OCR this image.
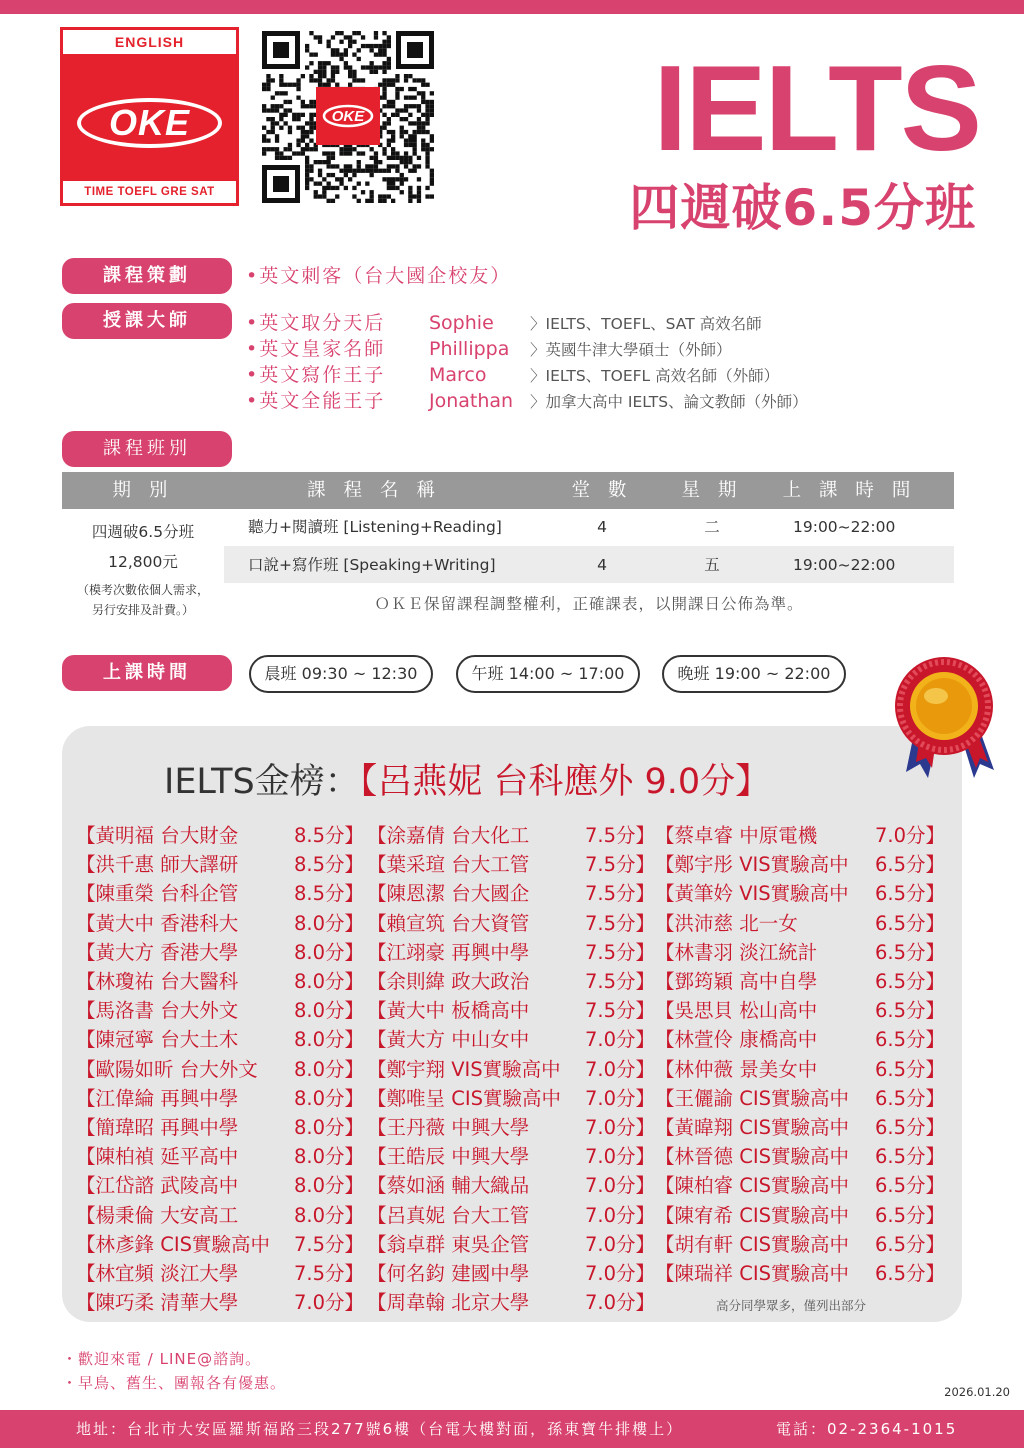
ENGLISH
OKE
TIME TOEFL GRE SAT
OKE	IELTS
四週破6.5分班
課程策劃	•英文刺客（台大國企校友）
授課大師	•英文取分天后 Sophie 〉IELTS、TOEFL、SAT 高效名師
•英文皇家名師 Phillippa 〉英國牛津大學碩士（外師）
•英文寫作王子 Marco	〉IELTS、TOEFL 高效名師（外師）
•英文全能王子 Jonathan 〉加拿大高中 IELTS、論文教師（外師）
課程班別
期 別	課 程 名 稱	堂 數	星 期	上 課 時 間
四週破6.5分班
12,800元
（模考次數依個人需求，
另行安排及計費。）
聽力+閱讀班 [Listening+Reading]	4	二	19:00~22:00
口說+寫作班 [Speaking+Writing]	4	五	19:00~22:00
ＯＫＥ保留課程調整權利，正確課表，以開課日公佈為準。
上課時間	晨班 09:30 ~ 12:30	午班 14:00 ~ 17:00	晚班 19:00 ~ 22:00
IELTS金榜：【呂燕妮 台科應外 9.0分】
【黃明福 台大財金	8.5分】
【洪千惠 師大譯研	8.5分】
【陳重榮 台科企管	8.5分】
【黃大中 香港科大	8.0分】
【黃大方 香港大學	8.0分】
【林瓊祐 台大醫科	8.0分】
【馬洛書 台大外文	8.0分】
【陳冠寧 台大土木	8.0分】
【歐陽如昕 台大外文 8.0分】
【江偉綸 再興中學	8.0分】
【簡瑋昭 再興中學	8.0分】
【陳柏禎 延平高中	8.0分】
【江岱諮 武陵高中	8.0分】
【楊秉倫 大安高工	8.0分】
【林彥鋒 CIS實驗高中 7.5分】
【林宜頻 淡江大學	7.5分】
【陳巧柔 清華大學	7.0分】
【涂嘉倩 台大化工	7.5分】
【葉采瑄 台大工管	7.5分】
【陳恩潔 台大國企	7.5分】
【賴宣筑 台大資管	7.5分】
【江翊豪 再興中學	7.5分】
【余則緯 政大政治	7.5分】
【黃大中 板橋高中	7.5分】
【黃大方 中山女中	7.0分】
【鄭宇翔 VIS實驗高中 7.0分】
【鄭唯呈 CIS實驗高中 7.0分】
【王丹薇 中興大學	7.0分】
【王皓辰 中興大學	7.0分】
【蔡如涵 輔大織品	7.0分】
【呂真妮 台大工管	7.0分】
【翁卓群 東吳企管	7.0分】
【何名鈞 建國中學	7.0分】
【周韋翰 北京大學	7.0分】
【蔡卓睿 中原電機	7.0分】
【鄭宇彤 VIS實驗高中 6.5分】
【黃筆妗 VIS實驗高中 6.5分】
【洪沛慈 北一女	6.5分】
【林書羽 淡江統計	6.5分】
【鄧筠穎 高中自學	6.5分】
【吳思貝 松山高中	6.5分】
【林萱伶 康橋高中	6.5分】
【林仲薇 景美女中	6.5分】
【王儷諭 CIS實驗高中 6.5分】
【黃暐翔 CIS實驗高中 6.5分】
【林晉德 CIS實驗高中 6.5分】
【陳柏睿 CIS實驗高中 6.5分】
【陳宥希 CIS實驗高中 6.5分】
【胡有軒 CIS實驗高中 6.5分】
【陳瑞祥 CIS實驗高中 6.5分】
高分同學眾多，僅列出部分
・歡迎來電 / LINE@諮詢。
・早鳥、舊生、團報各有優惠。	2026.01.20
地址：台北市大安區羅斯福路三段277號6樓（台電大樓對面，孫東寶牛排樓上）	電話：02-2364-1015
